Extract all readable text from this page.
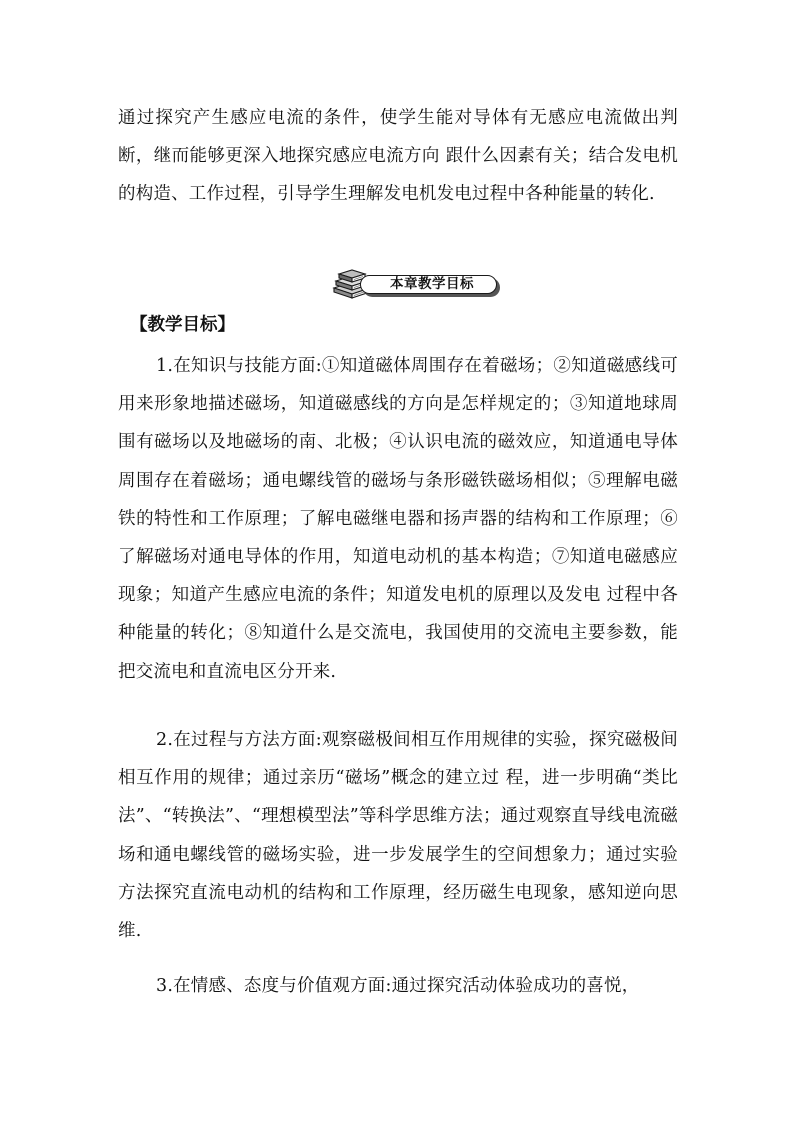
通过探究产生感应电流的条件，使学生能对导体有无感应电流做出判断，继而能够更深入地探究感应电流方向 跟什么因素有关；结合发电机的构造、工作过程，引导学生理解发电机发电过程中各种能量的转化.

本章教学目标

【教学目标】

1.在知识与技能方面:①知道磁体周围存在着磁场；②知道磁感线可用来形象地描述磁场，知道磁感线的方向是怎样规定的；③知道地球周围有磁场以及地磁场的南、北极；④认识电流的磁效应，知道通电导体周围存在着磁场；通电螺线管的磁场与条形磁铁磁场相似；⑤理解电磁铁的特性和工作原理；了解电磁继电器和扬声器的结构和工作原理；⑥了解磁场对通电导体的作用，知道电动机的基本构造；⑦知道电磁感应现象；知道产生感应电流的条件；知道发电机的原理以及发电 过程中各种能量的转化；⑧知道什么是交流电，我国使用的交流电主要参数，能把交流电和直流电区分开来.

2.在过程与方法方面:观察磁极间相互作用规律的实验，探究磁极间相互作用的规律；通过亲历“磁场”概念的建立过 程，进一步明确“类比法”、“转换法”、“理想模型法”等科学思维方法；通过观察直导线电流磁场和通电螺线管的磁场实验，进一步发展学生的空间想象力；通过实验方法探究直流电动机的结构和工作原理，经历磁生电现象，感知逆向思维.

3.在情感、态度与价值观方面:通过探究活动体验成功的喜悦，
